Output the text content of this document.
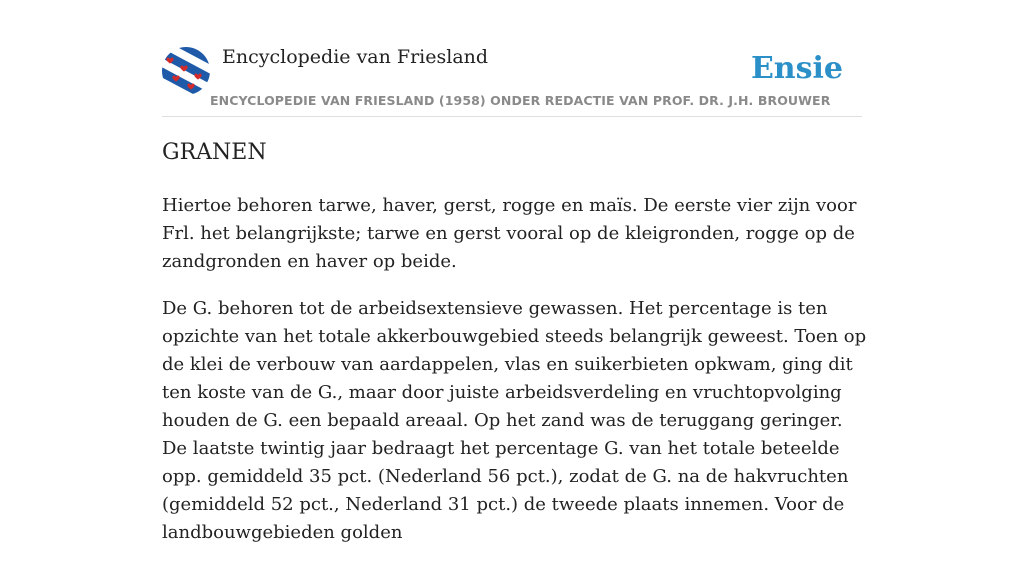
Encyclopedie van Friesland
ENCYCLOPEDIE VAN FRIESLAND (1958) ONDER REDACTIE VAN PROF. DR. J.H. BROUWER
Ensie
GRANEN

Hiertoe behoren tarwe, haver, gerst, rogge en maïs. De eerste vier zijn voor Frl. het belangrijkste; tarwe en gerst vooral op de kleigronden, rogge op de zandgronden en haver op beide.

De G. behoren tot de arbeidsextensieve gewassen. Het percentage is ten opzichte van het totale akkerbouwgebied steeds belangrijk geweest. Toen op de klei de verbouw van aardappelen, vlas en suikerbieten opkwam, ging dit ten koste van de G., maar door juiste arbeidsverdeling en vruchtopvolging houden de G. een bepaald areaal. Op het zand was de teruggang geringer. De laatste twintig jaar bedraagt het percentage G. van het totale beteelde opp. gemiddeld 35 pct. (Nederland 56 pct.), zodat de G. na de hakvruchten (gemiddeld 52 pct., Nederland 31 pct.) de tweede plaats innemen. Voor de landbouwgebieden golden
